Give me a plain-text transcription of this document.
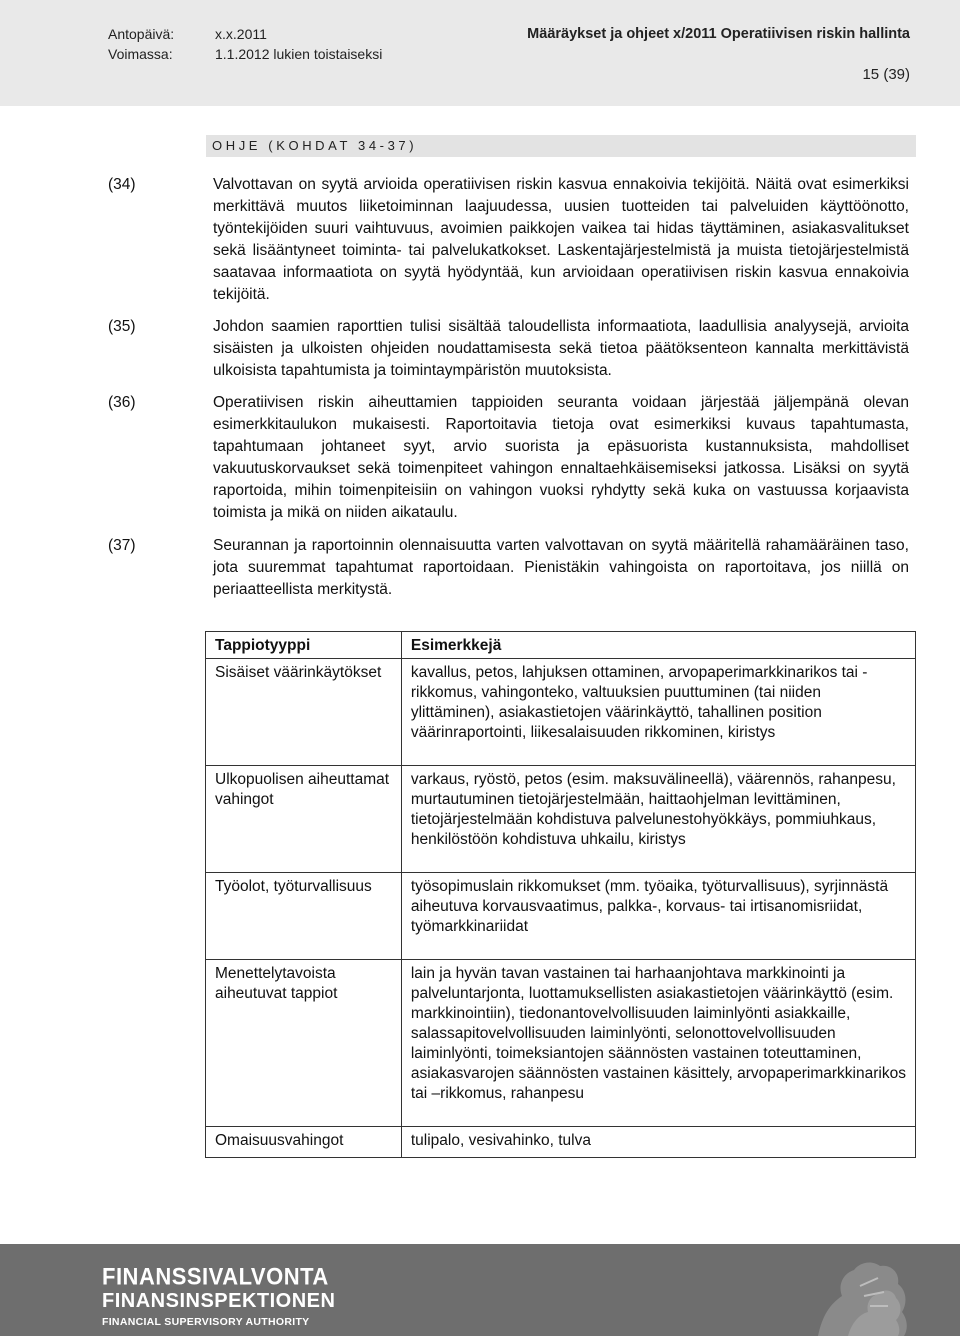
Antopäivä:	x.x.2011	Määräykset ja ohjeet x/2011 Operatiivisen riskin hallinta
Voimassa:	1.1.2012 lukien toistaiseksi
15 (39)
OHJE (KOHDAT 34-37)
(34)	Valvottavan on syytä arvioida operatiivisen riskin kasvua ennakoivia tekijöitä. Näitä ovat esimerkiksi merkittävä muutos liiketoiminnan laajuudessa, uusien tuotteiden tai palveluiden käyttöönotto, työntekijöiden suuri vaihtuvuus, avoimien paikkojen vaikea tai hidas täyttäminen, asiakasvalitukset sekä lisääntyneet toiminta- tai palvelukatkokset. Laskentajärjestelmistä ja muista tietojärjestelmistä saatavaa informaatiota on syytä hyödyntää, kun arvioidaan operatiivisen riskin kasvua ennakoivia tekijöitä.
(35)	Johdon saamien raporttien tulisi sisältää taloudellista informaatiota, laadullisia analyysejä, arvioita sisäisten ja ulkoisten ohjeiden noudattamisesta sekä tietoa päätöksenteon kannalta merkittävistä ulkoisista tapahtumista ja toimintaympäristön muutoksista.
(36)	Operatiivisen riskin aiheuttamien tappioiden seuranta voidaan järjestää jäljempänä olevan esimerkkitaulukon mukaisesti. Raportoitavia tietoja ovat esimerkiksi kuvaus tapahtumasta, tapahtumaan johtaneet syyt, arvio suorista ja epäsuorista kustannuksista, mahdolliset vakuutuskorvaukset sekä toimenpiteet vahingon ennaltaehkäisemiseksi jatkossa. Lisäksi on syytä raportoida, mihin toimenpiteisiin on vahingon vuoksi ryhdytty sekä kuka on vastuussa korjaavista toimista ja mikä on niiden aikataulu.
(37)	Seurannan ja raportoinnin olennaisuutta varten valvottavan on syytä määritellä rahamääräinen taso, jota suuremmat tapahtumat raportoidaan. Pienistäkin vahingoista on raportoitava, jos niillä on periaatteellista merkitystä.
Tappiotyyppi	Esimerkkejä
Sisäiset väärinkäytökset	kavallus, petos, lahjuksen ottaminen, arvopaperimarkkinarikos tai -rikkomus, vahingonteko, valtuuksien puuttuminen (tai niiden ylittäminen), asiakastietojen väärinkäyttö, tahallinen position väärinraportointi, liikesalaisuuden rikkominen, kiristys
Ulkopuolisen aiheuttamat vahingot	varkaus, ryöstö, petos (esim. maksuvälineellä), väärennös, rahanpesu, murtautuminen tietojärjestelmään, haittaohjelman levittäminen, tietojärjestelmään kohdistuva palvelunestohyökkäys, pommiuhkaus, henkilöstöön kohdistuva uhkailu, kiristys
Työolot, työturvallisuus	työsopimuslain rikkomukset (mm. työaika, työturvallisuus), syrjinnästä aiheutuva korvausvaatimus, palkka-, korvaus- tai irtisanomisriidat, työmarkkinariidat
Menettelytavoista aiheutuvat tappiot	lain ja hyvän tavan vastainen tai harhaanjohtava markkinointi ja palveluntarjonta, luottamuksellisten asiakastietojen väärinkäyttö (esim. markkinointiin), tiedonantovelvollisuuden laiminlyönti asiakkaille, salassapitovelvollisuuden laiminlyönti, selonottovelvollisuuden laiminlyönti, toimeksiantojen säännösten vastainen toteuttaminen, asiakasvarojen säännösten vastainen käsittely, arvopaperimarkkinarikos tai –rikkomus, rahanpesu
Omaisuusvahingot	tulipalo, vesivahinko, tulva
FINANSSIVALVONTA
FINANSINSPEKTIONEN
FINANCIAL SUPERVISORY AUTHORITY
